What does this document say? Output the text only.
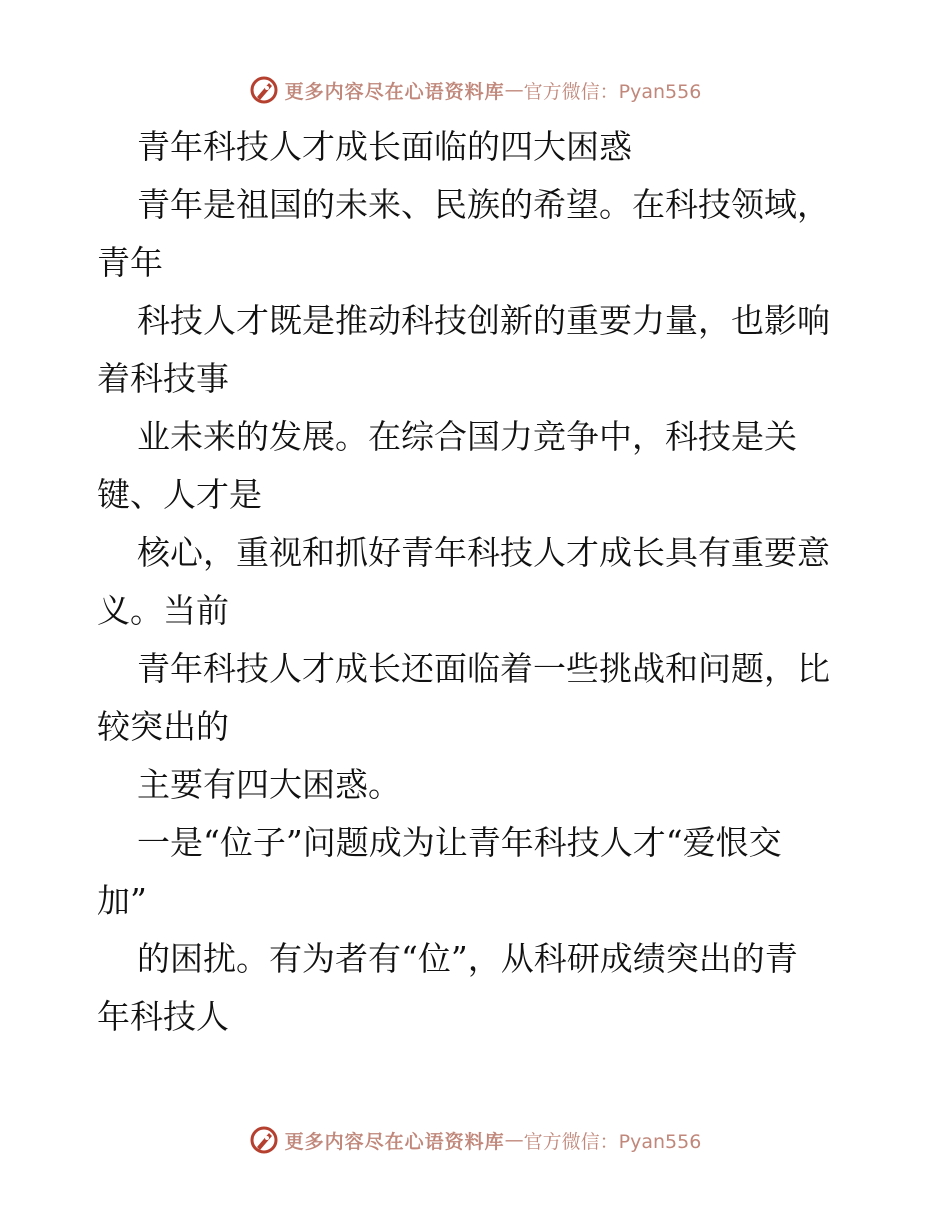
更多内容尽在心语资料库 — 官方微信：Pyan556
青年科技人才成长面临的四大困惑
青年是祖国的未来、民族的希望。在科技领域，
青年
科技人才既是推动科技创新的重要力量，也影响
着科技事
业未来的发展。在综合国力竞争中，科技是关
键、人才是
核心，重视和抓好青年科技人才成长具有重要意
义。当前
青年科技人才成长还面临着一些挑战和问题，比
较突出的
主要有四大困惑。
一是“位子”问题成为让青年科技人才“爱恨交
加”
的困扰。有为者有“位”，从科研成绩突出的青
年科技人
更多内容尽在心语资料库 — 官方微信：Pyan556
